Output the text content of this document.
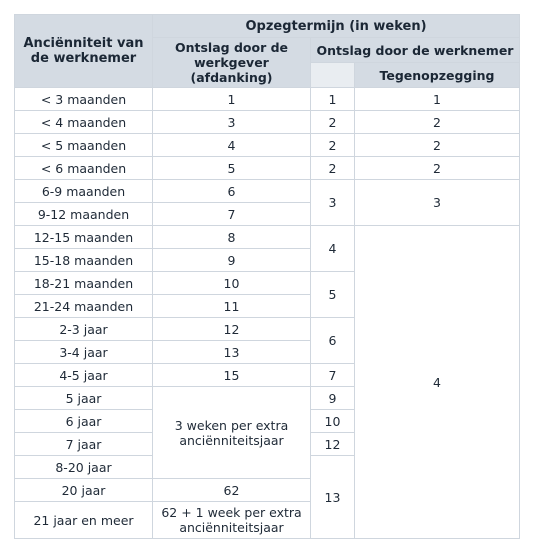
Anciënniteit van de werknemer	Opzegtermijn (in weken)		
	Ontslag door de werkgever (afdanking)	Ontslag door de werknemer	
			Tegenopzegging
< 3 maanden	1	1	1
< 4 maanden	3	2	2
< 5 maanden	4	2	2
< 6 maanden	5	2	2
6-9 maanden	6	3	3
9-12 maanden	7		
12-15 maanden	8	4	4
15-18 maanden	9		
18-21 maanden	10	5	
21-24 maanden	11		
2-3 jaar	12	6	
3-4 jaar	13		
4-5 jaar	15	7	
5 jaar	3 weken per extra anciënniteitsjaar	9	
6 jaar		10	
7 jaar		12	
8-20 jaar		13	
20 jaar	62		
21 jaar en meer	62 + 1 week per extra anciënniteitsjaar		
